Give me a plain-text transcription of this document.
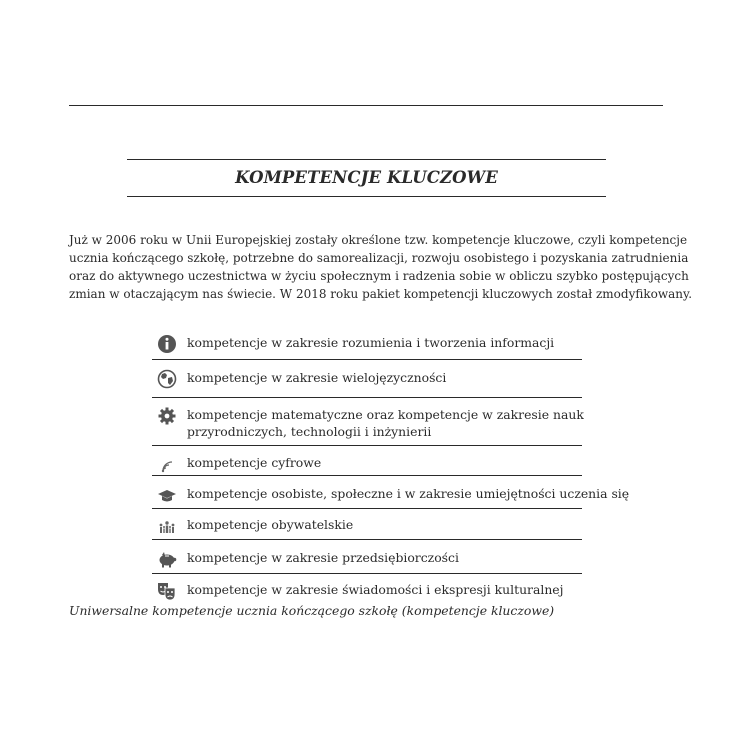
KOMPETENCJE KLUCZOWE
Już w 2006 roku w Unii Europejskiej zostały określone tzw. kompetencje kluczowe, czyli kompetencje
ucznia kończącego szkołę, potrzebne do samorealizacji, rozwoju osobistego i pozyskania zatrudnienia
oraz do aktywnego uczestnictwa w życiu społecznym i radzenia sobie w obliczu szybko postępujących
zmian w otaczającym nas świecie. W 2018 roku pakiet kompetencji kluczowych został zmodyfikowany.
kompetencje w zakresie rozumienia i tworzenia informacji
kompetencje w zakresie wielojęzyczności
kompetencje matematyczne oraz kompetencje w zakresie nauk
przyrodniczych, technologii i inżynierii
kompetencje cyfrowe
kompetencje osobiste, społeczne i w zakresie umiejętności uczenia się
kompetencje obywatelskie
kompetencje w zakresie przedsiębiorczości
kompetencje w zakresie świadomości i ekspresji kulturalnej
Uniwersalne kompetencje ucznia kończącego szkołę (kompetencje kluczowe)
